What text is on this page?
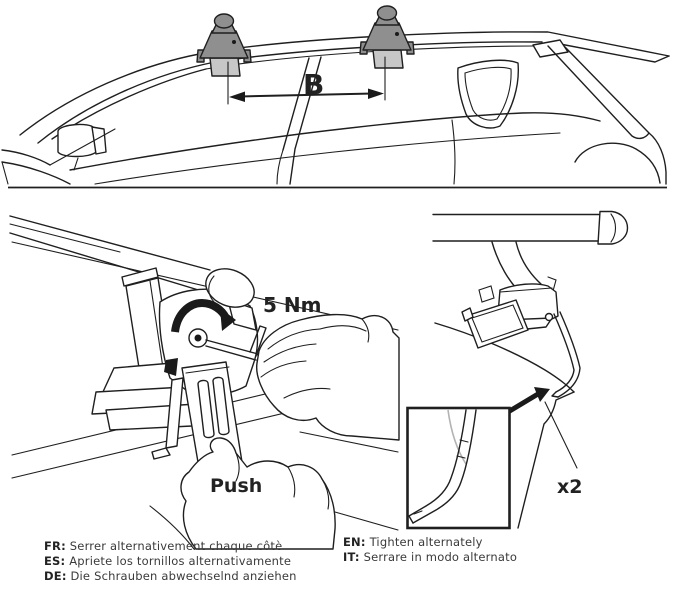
B
5 Nm
Push	x2
FR: Serrer alternativement chaque côtè
ES: Apriete los tornillos alternativamente
DE: Die Schrauben abwechselnd anziehen
EN: Tighten alternately
IT: Serrare in modo alternato
